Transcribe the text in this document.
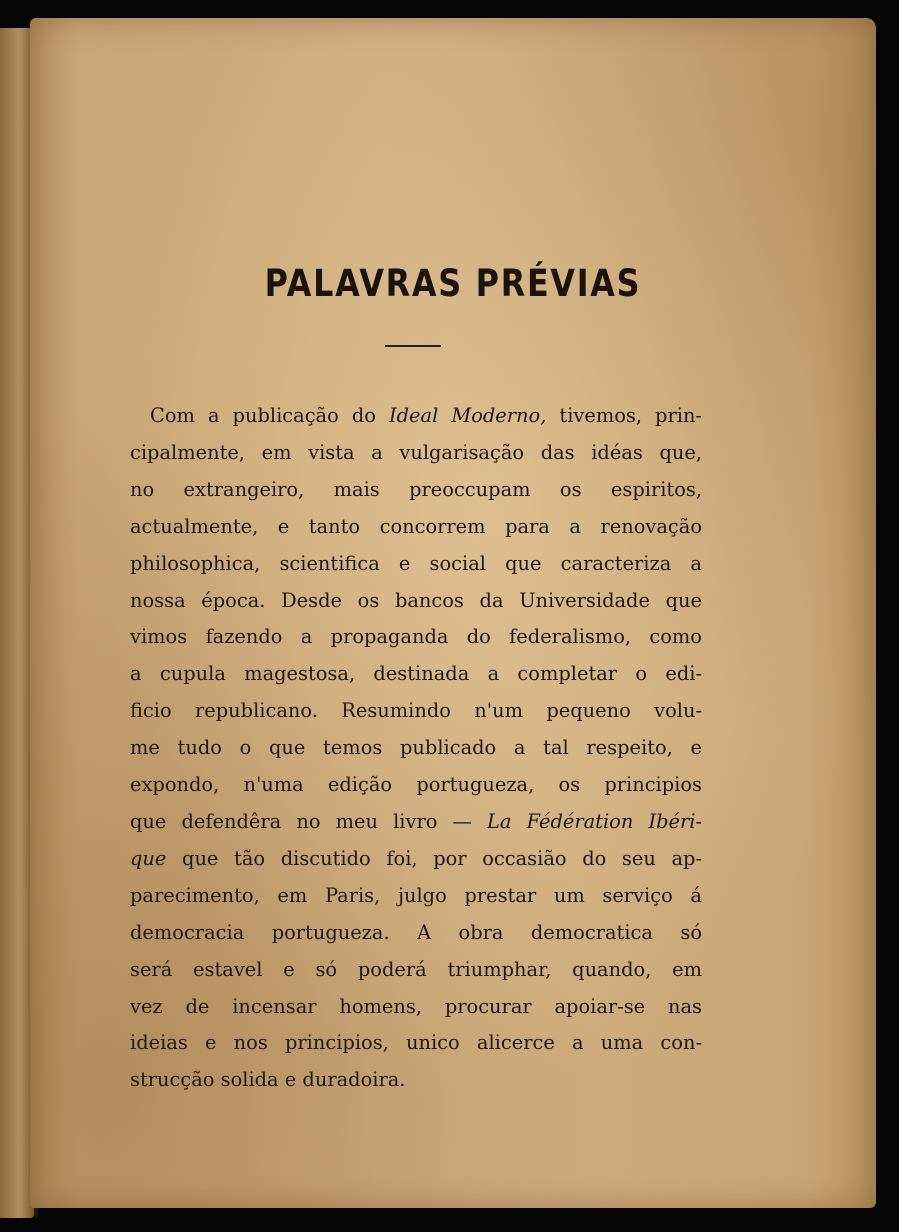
PALAVRAS PRÉVIAS

Com a publicação do Ideal Moderno, tivemos, prin-
cipalmente, em vista a vulgarisação das idéas que,
no extrangeiro, mais preoccupam os espiritos,
actualmente, e tanto concorrem para a renovação
philosophica, scientifica e social que caracteriza a
nossa época. Desde os bancos da Universidade que
vimos fazendo a propaganda do federalismo, como
a cupula magestosa, destinada a completar o edi-
ficio republicano. Resumindo n'um pequeno volu-
me tudo o que temos publicado a tal respeito, e
expondo, n'uma edição portugueza, os principios
que defendêra no meu livro — La Fédération Ibéri-
que que tão discutido foi, por occasião do seu ap-
parecimento, em Paris, julgo prestar um serviço á
democracia portugueza. A obra democratica só
será estavel e só poderá triumphar, quando, em
vez de incensar homens, procurar apoiar-se nas
ideias e nos principios, unico alicerce a uma con-
strucção solida e duradoira.
